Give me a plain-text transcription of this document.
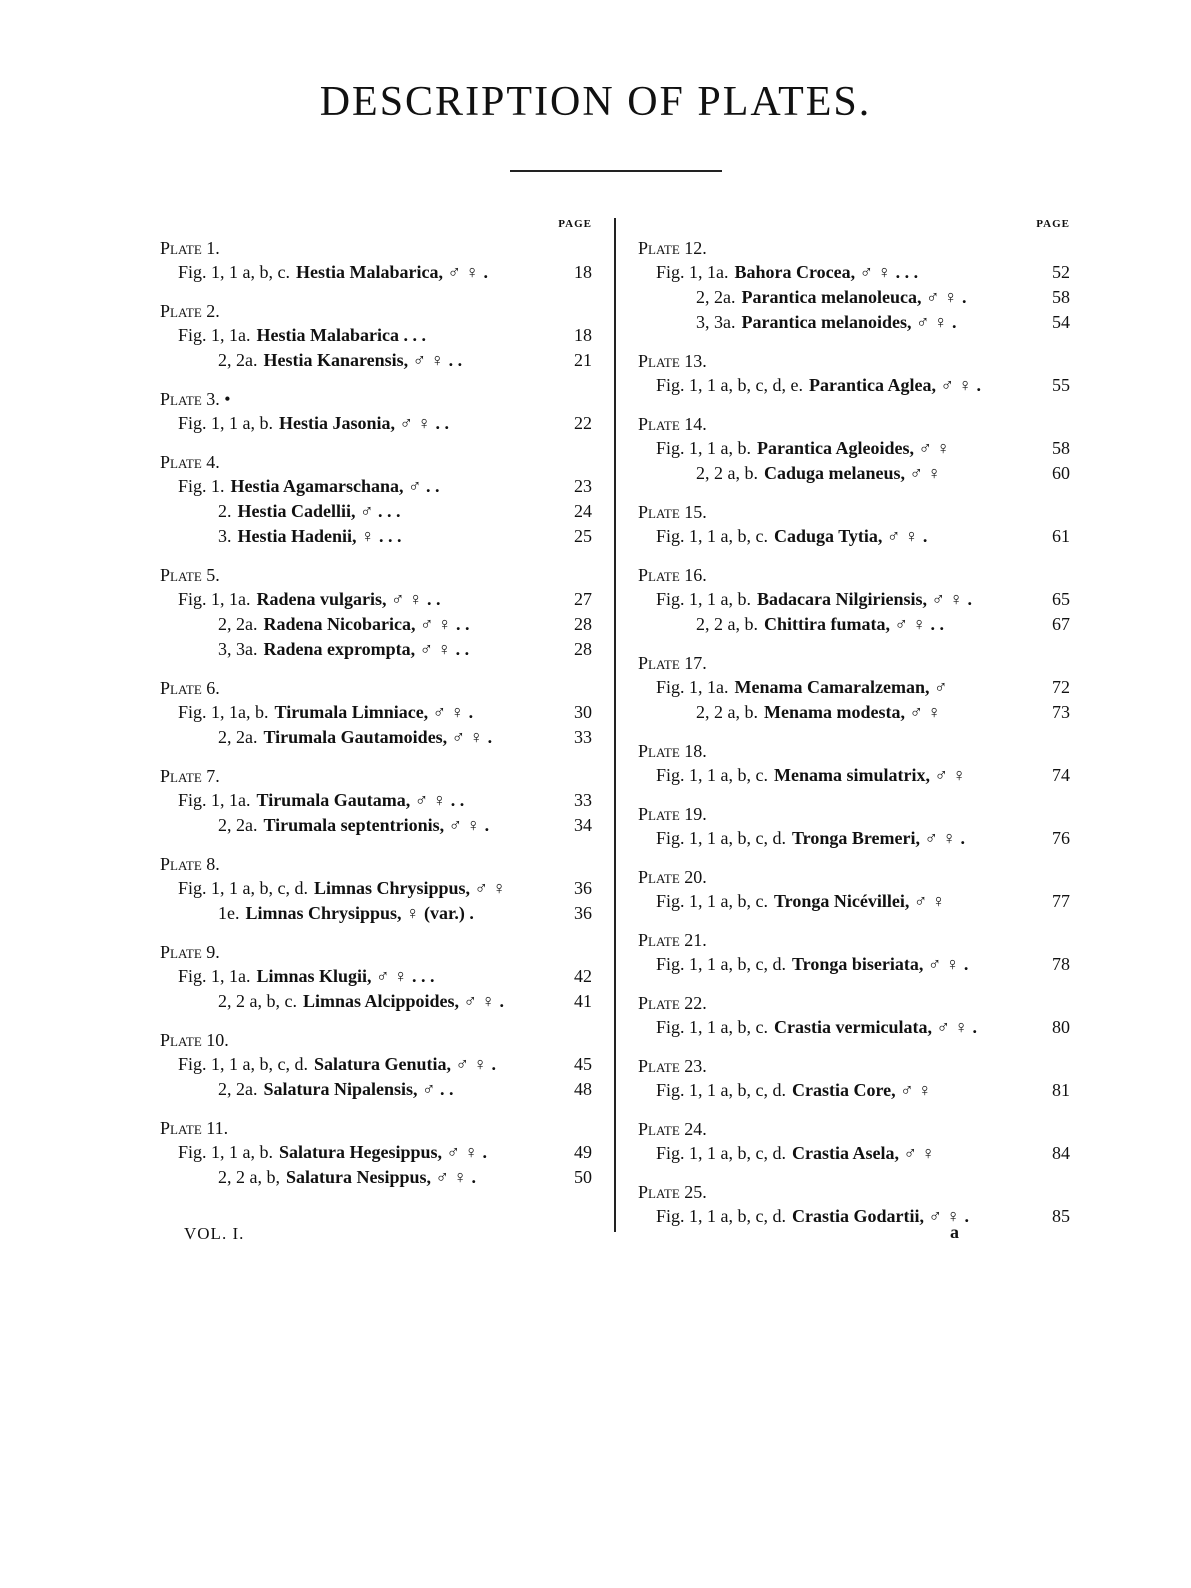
DESCRIPTION OF PLATES.
PAGE
Plate 1.
Fig. 1, 1 a, b, c. Hestia Malabarica, ♂ ♀ .	18
Plate 2.
Fig. 1, 1a. Hestia Malabarica . . .	18
2, 2a. Hestia Kanarensis, ♂ ♀ . .	21
Plate 3. •
Fig. 1, 1 a, b. Hestia Jasonia, ♂ ♀ . .	22
Plate 4.
Fig. 1. Hestia Agamarschana, ♂ . .	23
2. Hestia Cadellii, ♂ . . .	24
3. Hestia Hadenii, ♀ . . .	25
Plate 5.
Fig. 1, 1a. Radena vulgaris, ♂ ♀ . .	27
2, 2a. Radena Nicobarica, ♂ ♀ . .	28
3, 3a. Radena exprompta, ♂ ♀ . .	28
Plate 6.
Fig. 1, 1a, b. Tirumala Limniace, ♂ ♀ .	30
2, 2a. Tirumala Gautamoides, ♂ ♀ .	33
Plate 7.
Fig. 1, 1a. Tirumala Gautama, ♂ ♀ . .	33
2, 2a. Tirumala septentrionis, ♂ ♀ .	34
Plate 8.
Fig. 1, 1 a, b, c, d. Limnas Chrysippus, ♂ ♀	36
1e. Limnas Chrysippus, ♀ (var.) .	36
Plate 9.
Fig. 1, 1a. Limnas Klugii, ♂ ♀ . . .	42
2, 2 a, b, c. Limnas Alcippoides, ♂ ♀ .	41
Plate 10.
Fig. 1, 1 a, b, c, d. Salatura Genutia, ♂ ♀ .	45
2, 2a. Salatura Nipalensis, ♂ . .	48
Plate 11.
Fig. 1, 1 a, b. Salatura Hegesippus, ♂ ♀ .	49
2, 2 a, b, Salatura Nesippus, ♂ ♀ .	50
PAGE
Plate 12.
Fig. 1, 1a. Bahora Crocea, ♂ ♀ . . .	52
2, 2a. Parantica melanoleuca, ♂ ♀ .	58
3, 3a. Parantica melanoides, ♂ ♀ .	54
Plate 13.
Fig. 1, 1 a, b, c, d, e. Parantica Aglea, ♂ ♀ .	55
Plate 14.
Fig. 1, 1 a, b. Parantica Agleoides, ♂ ♀	58
2, 2 a, b. Caduga melaneus, ♂ ♀	60
Plate 15.
Fig. 1, 1 a, b, c. Caduga Tytia, ♂ ♀ .	61
Plate 16.
Fig. 1, 1 a, b. Badacara Nilgiriensis, ♂ ♀ .	65
2, 2 a, b. Chittira fumata, ♂ ♀ . .	67
Plate 17.
Fig. 1, 1a. Menama Camaralzeman, ♂	72
2, 2 a, b. Menama modesta, ♂ ♀	73
Plate 18.
Fig. 1, 1 a, b, c. Menama simulatrix, ♂ ♀	74
Plate 19.
Fig. 1, 1 a, b, c, d. Tronga Bremeri, ♂ ♀ .	76
Plate 20.
Fig. 1, 1 a, b, c. Tronga Nicévillei, ♂ ♀	77
Plate 21.
Fig. 1, 1 a, b, c, d. Tronga biseriata, ♂ ♀ .	78
Plate 22.
Fig. 1, 1 a, b, c. Crastia vermiculata, ♂ ♀ .	80
Plate 23.
Fig. 1, 1 a, b, c, d. Crastia Core, ♂ ♀	81
Plate 24.
Fig. 1, 1 a, b, c, d. Crastia Asela, ♂ ♀	84
Plate 25.
Fig. 1, 1 a, b, c, d. Crastia Godartii, ♂ ♀ .	85
VOL. I.	a
